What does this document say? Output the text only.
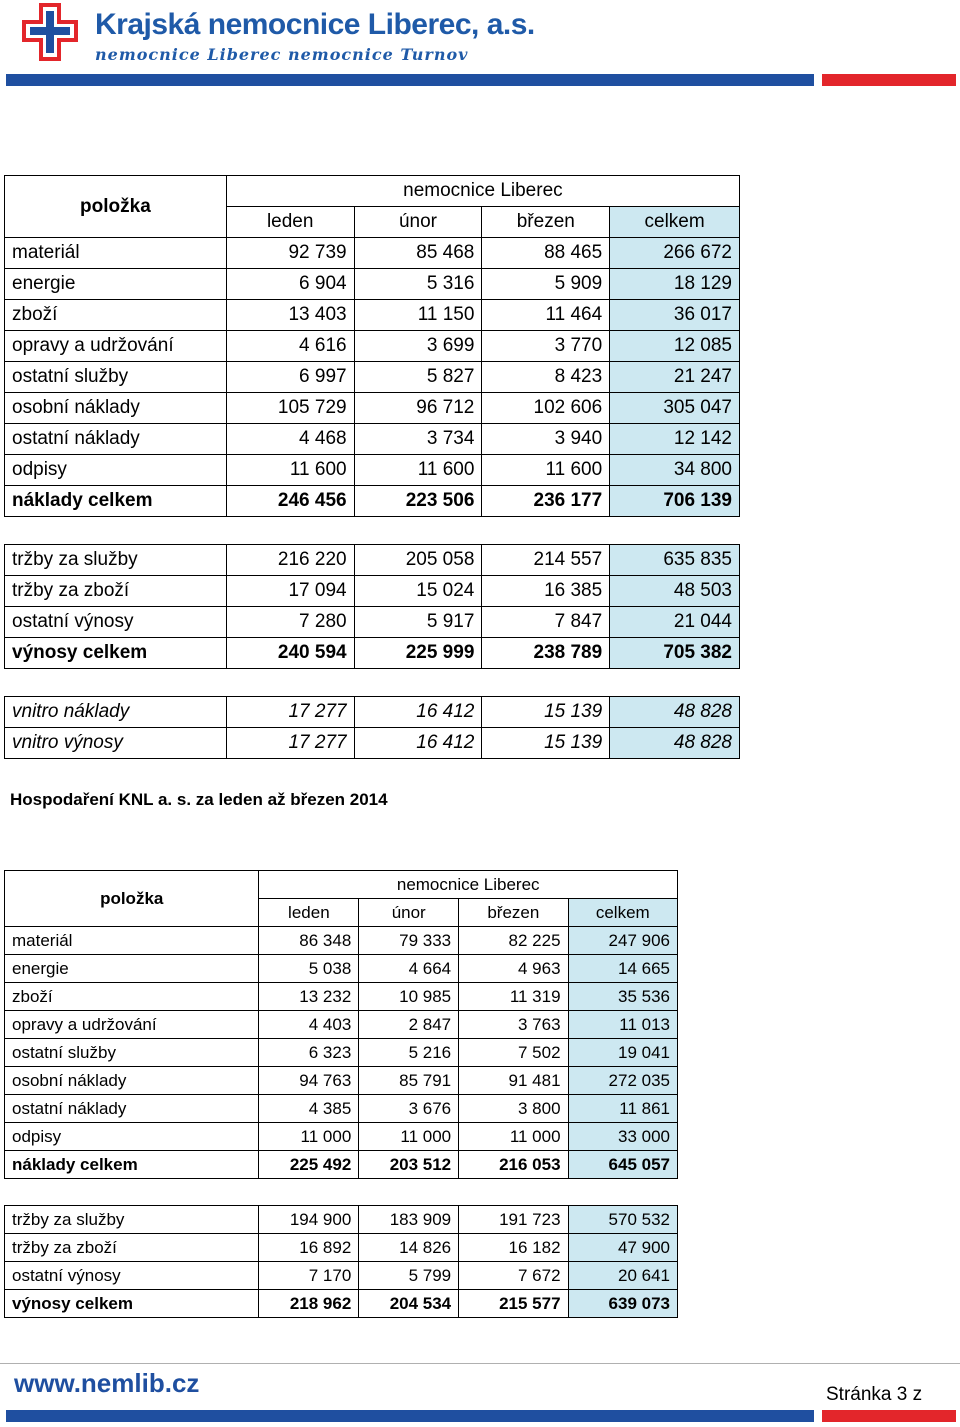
Krajská nemocnice Liberec, a.s.
nemocnice Liberec nemocnice Turnov
položka	nemocnice Liberec			
	leden	únor	březen	celkem
materiál	92 739	85 468	88 465	266 672
energie	6 904	5 316	5 909	18 129
zboží	13 403	11 150	11 464	36 017
opravy a udržování	4 616	3 699	3 770	12 085
ostatní služby	6 997	5 827	8 423	21 247
osobní náklady	105 729	96 712	102 606	305 047
ostatní náklady	4 468	3 734	3 940	12 142
odpisy	11 600	11 600	11 600	34 800
náklady celkem	246 456	223 506	236 177	706 139

tržby za služby	216 220	205 058	214 557	635 835
tržby za zboží	17 094	15 024	16 385	48 503
ostatní výnosy	7 280	5 917	7 847	21 044
výnosy celkem	240 594	225 999	238 789	705 382

vnitro náklady	17 277	16 412	15 139	48 828
vnitro výnosy	17 277	16 412	15 139	48 828
Hospodaření KNL a. s. za leden až březen 2014
položka	nemocnice Liberec			
	leden	únor	březen	celkem
materiál	86 348	79 333	82 225	247 906
energie	5 038	4 664	4 963	14 665
zboží	13 232	10 985	11 319	35 536
opravy a udržování	4 403	2 847	3 763	11 013
ostatní služby	6 323	5 216	7 502	19 041
osobní náklady	94 763	85 791	91 481	272 035
ostatní náklady	4 385	3 676	3 800	11 861
odpisy	11 000	11 000	11 000	33 000
náklady celkem	225 492	203 512	216 053	645 057

tržby za služby	194 900	183 909	191 723	570 532
tržby za zboží	16 892	14 826	16 182	47 900
ostatní výnosy	7 170	5 799	7 672	20 641
výnosy celkem	218 962	204 534	215 577	639 073
www.nemlib.cz	Stránka 3 z
